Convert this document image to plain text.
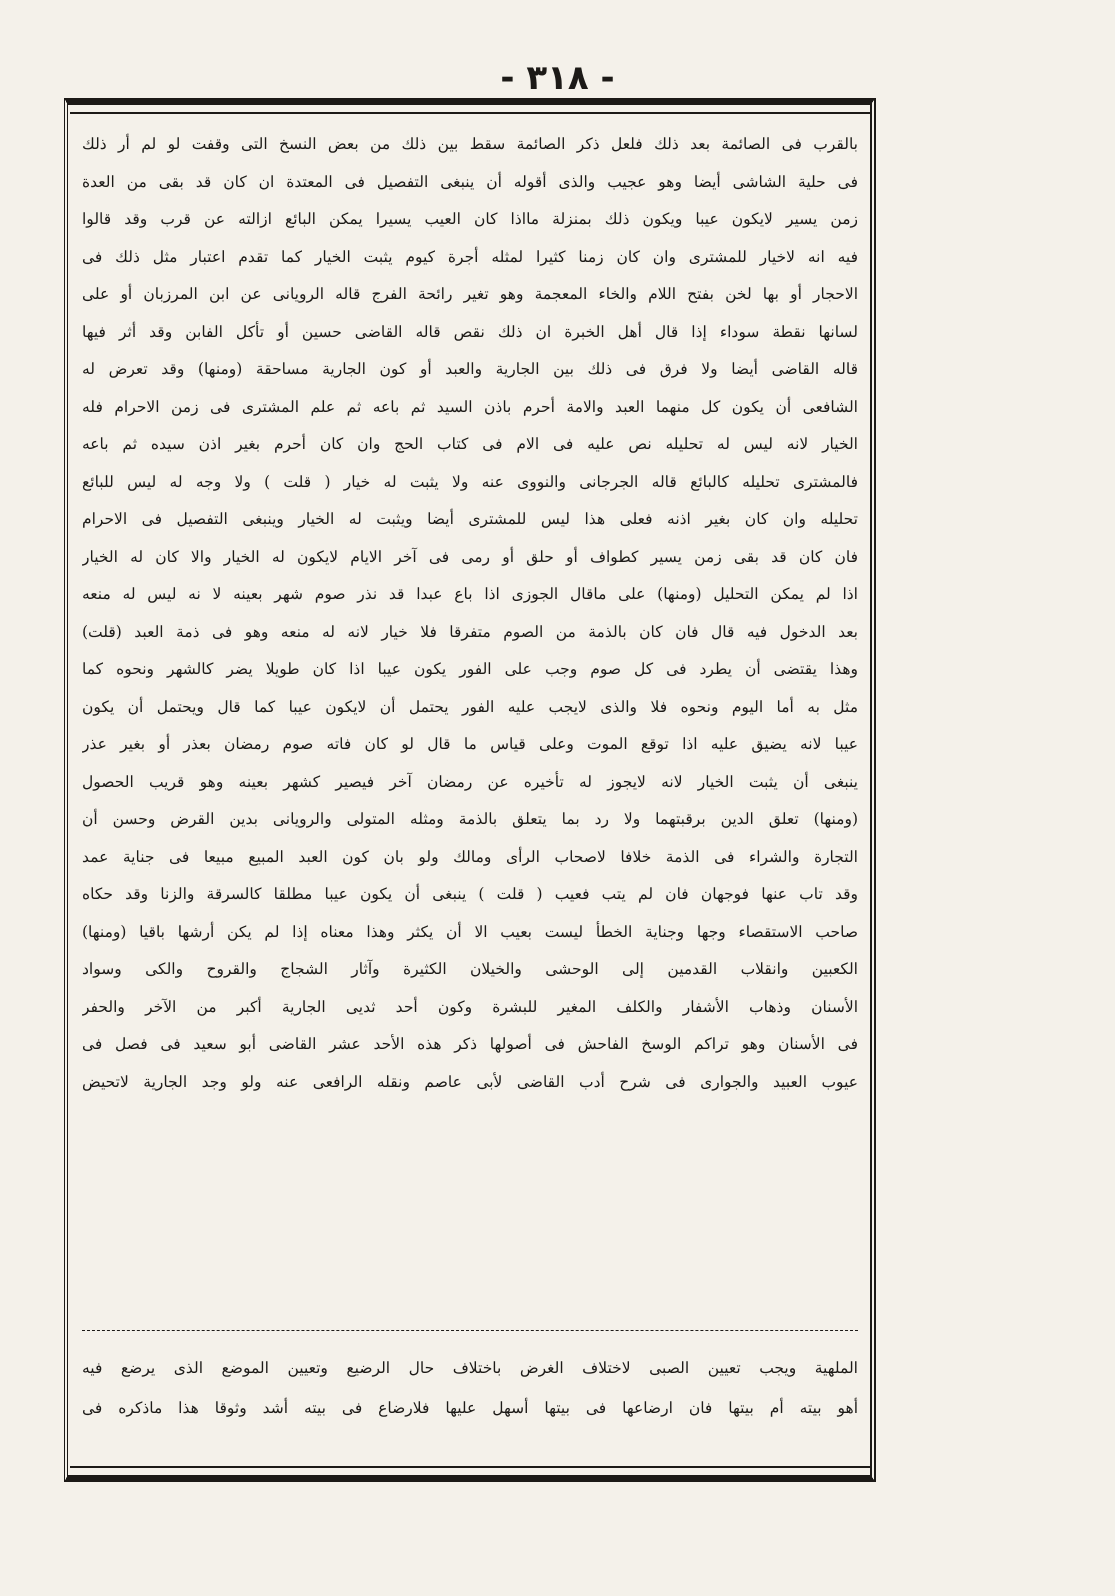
- ٣١٨ -
بالقرب فى الصائمة بعد ذلك فلعل ذكر الصائمة سقط بين ذلك من بعض النسخ التى وقفت لو لم أر ذلك
فى حلية الشاشى أيضا وهو عجيب والذى أقوله أن ينبغى التفصيل فى المعتدة ان كان قد بقى من العدة
زمن يسير لايكون عيبا ويكون ذلك بمنزلة مااذا كان العيب يسيرا يمكن البائع ازالته عن قرب وقد قالوا
فيه انه لاخيار للمشترى وان كان زمنا كثيرا لمثله أجرة كيوم يثبت الخيار كما تقدم اعتبار مثل ذلك فى
الاحجار أو بها لخن بفتح اللام والخاء المعجمة وهو تغير رائحة الفرج قاله الرويانى عن ابن المرزبان أو على
لسانها نقطة سوداء إذا قال أهل الخبرة ان ذلك نقص قاله القاضى حسين أو تأكل الفابن وقد أثر فيها
قاله القاضى أيضا ولا فرق فى ذلك بين الجارية والعبد أو كون الجارية مساحقة (ومنها) وقد تعرض له
الشافعى أن يكون كل منهما العبد والامة أحرم باذن السيد ثم باعه ثم علم المشترى فى زمن الاحرام فله
الخيار لانه ليس له تحليله نص عليه فى الام فى كتاب الحج وان كان أحرم بغير اذن سيده ثم باعه
فالمشترى تحليله كالبائع قاله الجرجانى والنووى عنه ولا يثبت له خيار ( قلت ) ولا وجه له ليس للبائع
تحليله وان كان بغير اذنه فعلى هذا ليس للمشترى أيضا ويثبت له الخيار وينبغى التفصيل فى الاحرام
فان كان قد بقى زمن يسير كطواف أو حلق أو رمى فى آخر الايام لايكون له الخيار والا كان له الخيار
اذا لم يمكن التحليل (ومنها) على ماقال الجوزى اذا باع عبدا قد نذر صوم شهر بعينه لا نه ليس له منعه
بعد الدخول فيه قال فان كان بالذمة من الصوم متفرقا فلا خيار لانه له منعه وهو فى ذمة العبد (قلت)
وهذا يقتضى أن يطرد فى كل صوم وجب على الفور يكون عيبا اذا كان طويلا يضر كالشهر ونحوه كما
مثل به أما اليوم ونحوه فلا والذى لايجب عليه الفور يحتمل أن لايكون عيبا كما قال ويحتمل أن يكون
عيبا لانه يضيق عليه اذا توقع الموت وعلى قياس ما قال لو كان فاته صوم رمضان بعذر أو بغير عذر
ينبغى أن يثبت الخيار لانه لايجوز له تأخيره عن رمضان آخر فيصير كشهر بعينه وهو قريب الحصول
(ومنها) تعلق الدين برقبتهما ولا رد بما يتعلق بالذمة ومثله المتولى والرويانى بدين القرض وحسن أن
التجارة والشراء فى الذمة خلافا لاصحاب الرأى ومالك ولو بان كون العبد المبيع مبيعا فى جناية عمد
وقد تاب عنها فوجهان فان لم يتب فعيب ( قلت ) ينبغى أن يكون عيبا مطلقا كالسرقة والزنا وقد حكاه
صاحب الاستقصاء وجها وجناية الخطأ ليست بعيب الا أن يكثر وهذا معناه إذا لم يكن أرشها باقيا (ومنها)
الكعبين وانقلاب القدمين إلى الوحشى والخيلان الكثيرة وآثار الشجاج والقروح والكى وسواد
الأسنان وذهاب الأشفار والكلف المغير للبشرة وكون أحد ثديى الجارية أكبر من الآخر والحفر
فى الأسنان وهو تراكم الوسخ الفاحش فى أصولها ذكر هذه الأحد عشر القاضى أبو سعيد فى فصل فى
عيوب العبيد والجوارى فى شرح أدب القاضى لأبى عاصم ونقله الرافعى عنه ولو وجد الجارية لاتحيض
الملهية ويجب تعيين الصبى لاختلاف الغرض باختلاف حال الرضيع وتعيين الموضع الذى يرضع فيه
أهو بيته أم بيتها فان ارضاعها فى بيتها أسهل عليها فلارضاع فى بيته أشد وثوقا هذا ماذكره فى
